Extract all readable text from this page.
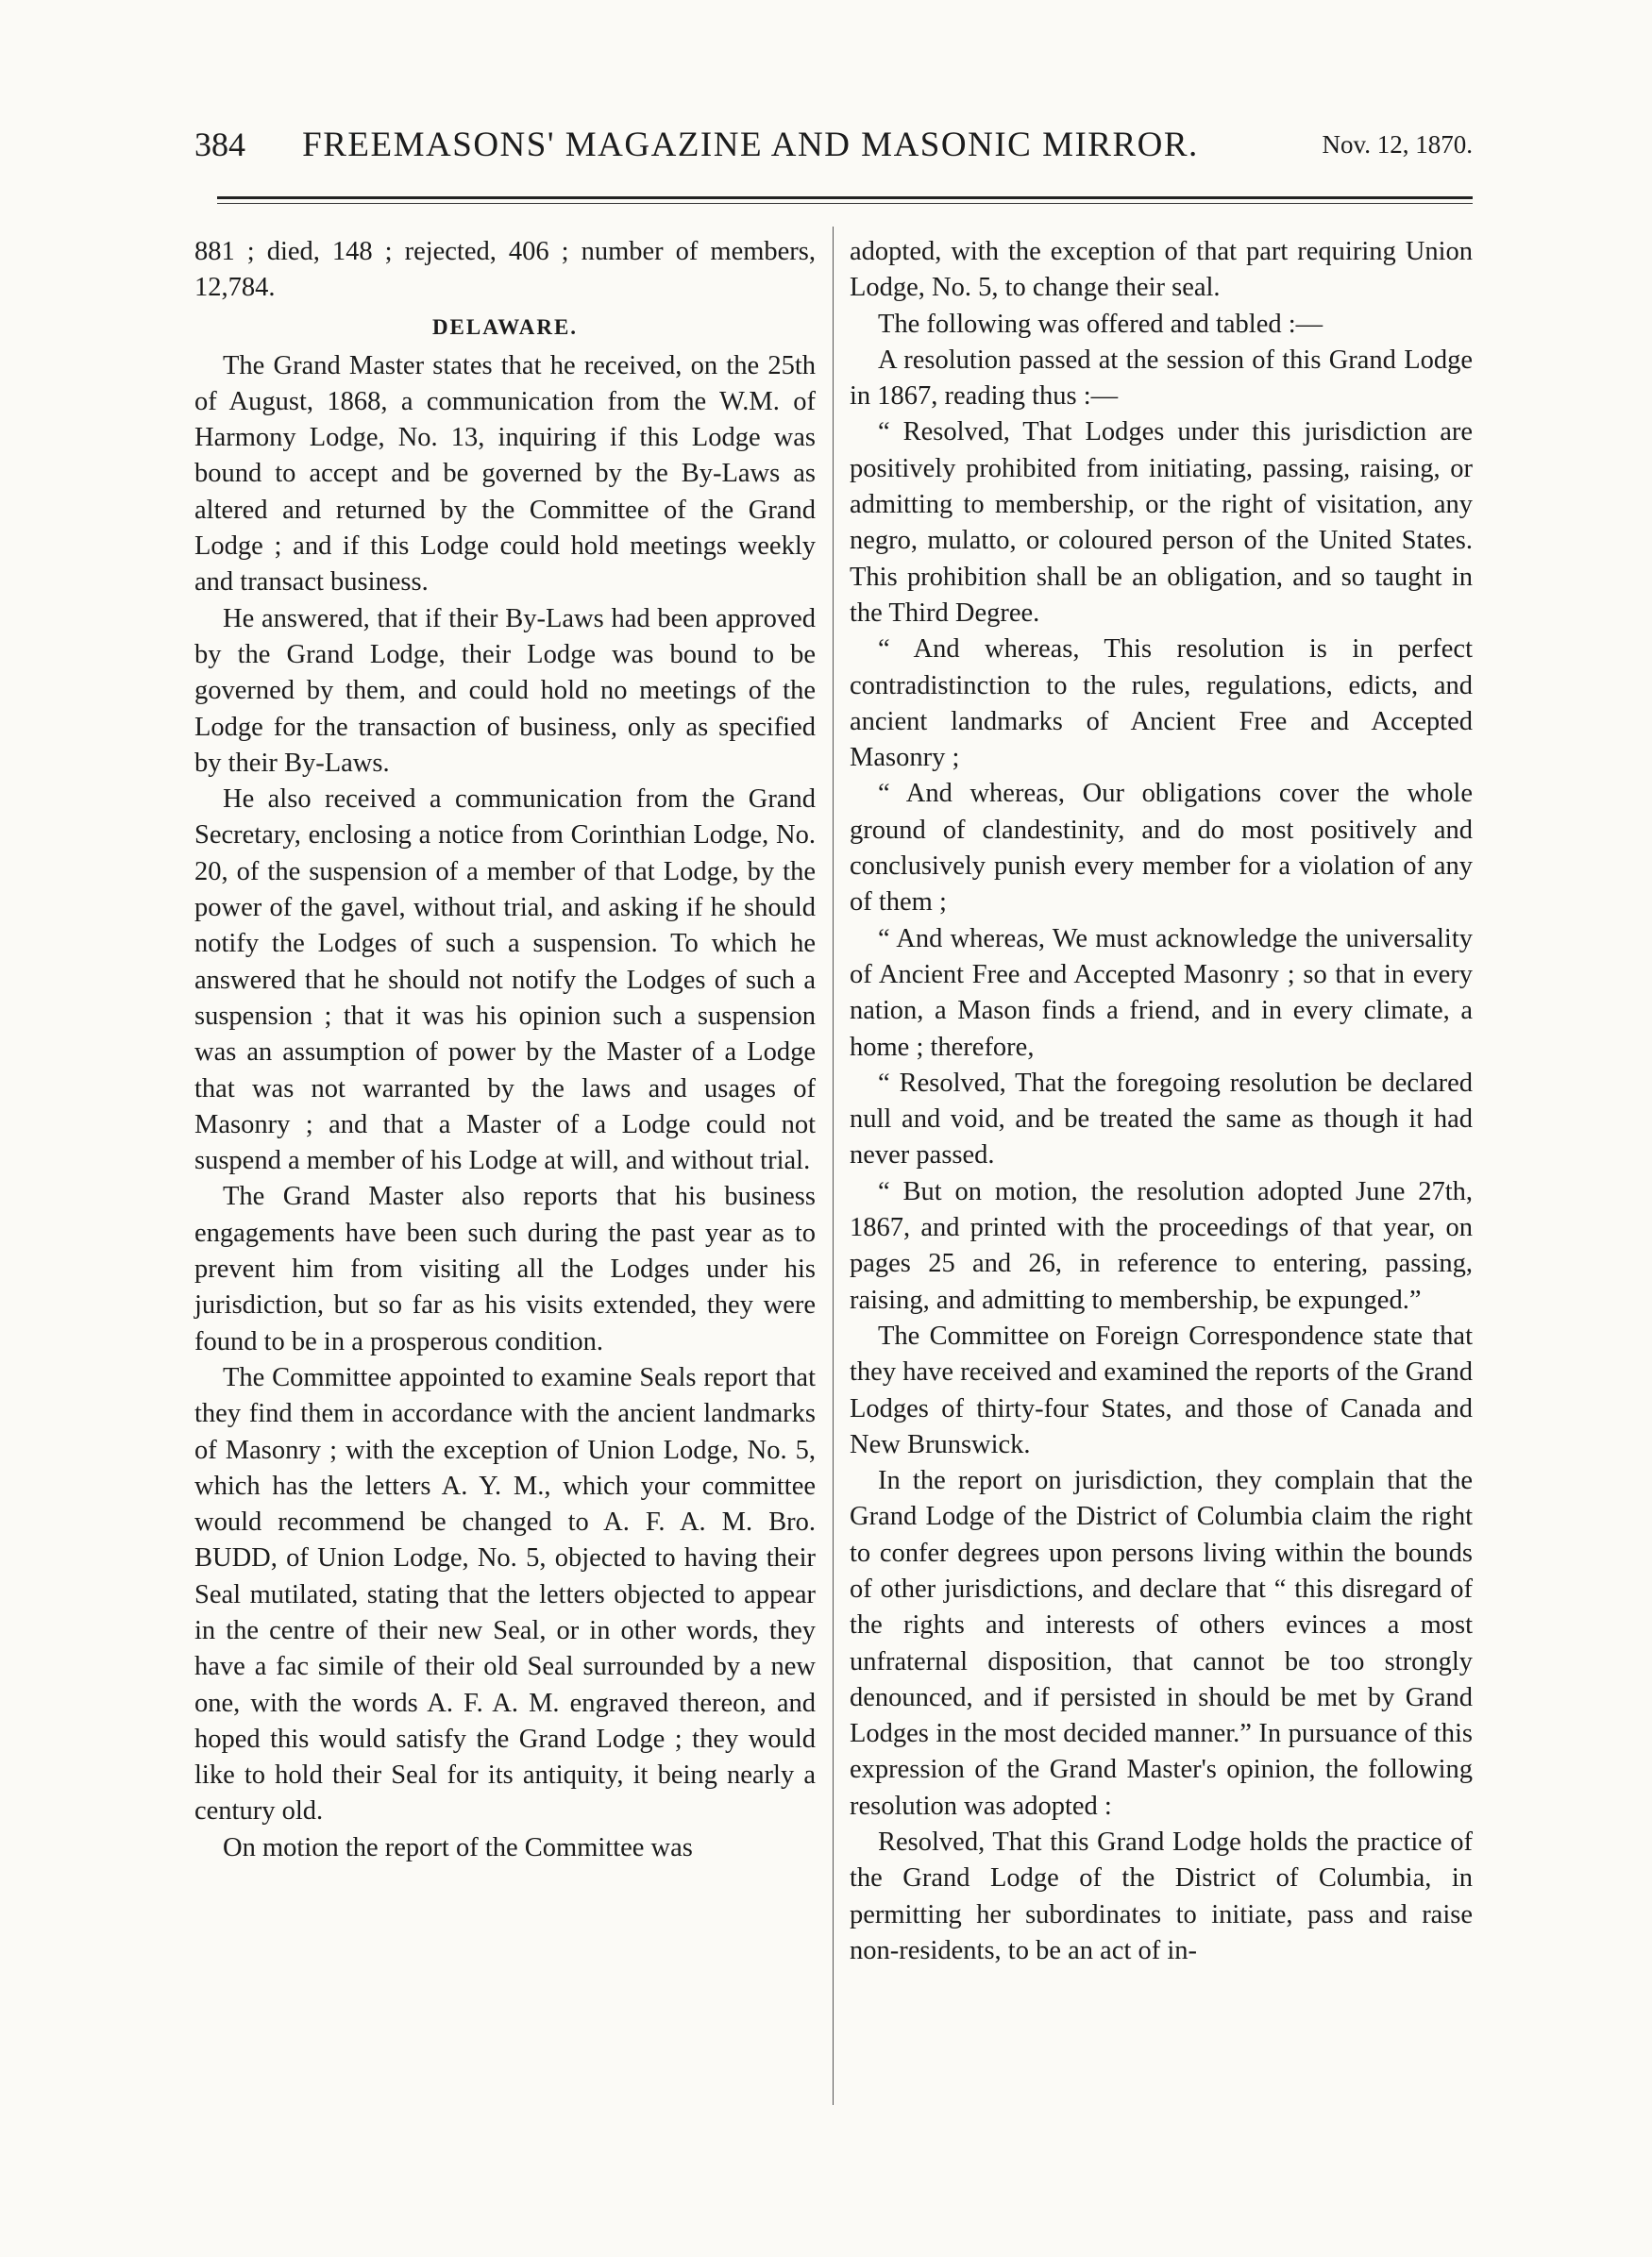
384	FREEMASONS' MAGAZINE AND MASONIC MIRROR.	Nov. 12, 1870.

881 ; died, 148 ; rejected, 406 ; number of members, 12,784.

DELAWARE.

The Grand Master states that he received, on the 25th of August, 1868, a communication from the W.M. of Harmony Lodge, No. 13, inquiring if this Lodge was bound to accept and be governed by the By-Laws as altered and returned by the Committee of the Grand Lodge ; and if this Lodge could hold meetings weekly and transact business.

He answered, that if their By-Laws had been approved by the Grand Lodge, their Lodge was bound to be governed by them, and could hold no meetings of the Lodge for the transaction of business, only as specified by their By-Laws.

He also received a communication from the Grand Secretary, enclosing a notice from Corinthian Lodge, No. 20, of the suspension of a member of that Lodge, by the power of the gavel, without trial, and asking if he should notify the Lodges of such a suspension. To which he answered that he should not notify the Lodges of such a suspension ; that it was his opinion such a suspension was an assumption of power by the Master of a Lodge that was not warranted by the laws and usages of Masonry ; and that a Master of a Lodge could not suspend a member of his Lodge at will, and without trial.

The Grand Master also reports that his business engagements have been such during the past year as to prevent him from visiting all the Lodges under his jurisdiction, but so far as his visits extended, they were found to be in a prosperous condition.

The Committee appointed to examine Seals report that they find them in accordance with the ancient landmarks of Masonry ; with the exception of Union Lodge, No. 5, which has the letters A. Y. M., which your committee would recommend be changed to A. F. A. M. Bro. BUDD, of Union Lodge, No. 5, objected to having their Seal mutilated, stating that the letters objected to appear in the centre of their new Seal, or in other words, they have a fac simile of their old Seal surrounded by a new one, with the words A. F. A. M. engraved thereon, and hoped this would satisfy the Grand Lodge ; they would like to hold their Seal for its antiquity, it being nearly a century old.

On motion the report of the Committee was

adopted, with the exception of that part requiring Union Lodge, No. 5, to change their seal.

The following was offered and tabled :—

A resolution passed at the session of this Grand Lodge in 1867, reading thus :—

“ Resolved, That Lodges under this jurisdiction are positively prohibited from initiating, passing, raising, or admitting to membership, or the right of visitation, any negro, mulatto, or coloured person of the United States. This prohibition shall be an obligation, and so taught in the Third Degree.

“ And whereas, This resolution is in perfect contradistinction to the rules, regulations, edicts, and ancient landmarks of Ancient Free and Accepted Masonry ;

“ And whereas, Our obligations cover the whole ground of clandestinity, and do most positively and conclusively punish every member for a violation of any of them ;

“ And whereas, We must acknowledge the universality of Ancient Free and Accepted Masonry ; so that in every nation, a Mason finds a friend, and in every climate, a home ; therefore,

“ Resolved, That the foregoing resolution be declared null and void, and be treated the same as though it had never passed.

“ But on motion, the resolution adopted June 27th, 1867, and printed with the proceedings of that year, on pages 25 and 26, in reference to entering, passing, raising, and admitting to membership, be expunged.”

The Committee on Foreign Correspondence state that they have received and examined the reports of the Grand Lodges of thirty-four States, and those of Canada and New Brunswick.

In the report on jurisdiction, they complain that the Grand Lodge of the District of Columbia claim the right to confer degrees upon persons living within the bounds of other jurisdictions, and declare that “ this disregard of the rights and interests of others evinces a most unfraternal disposition, that cannot be too strongly denounced, and if persisted in should be met by Grand Lodges in the most decided manner.” In pursuance of this expression of the Grand Master's opinion, the following resolution was adopted :

Resolved, That this Grand Lodge holds the practice of the Grand Lodge of the District of Columbia, in permitting her subordinates to initiate, pass and raise non-residents, to be an act of in-
